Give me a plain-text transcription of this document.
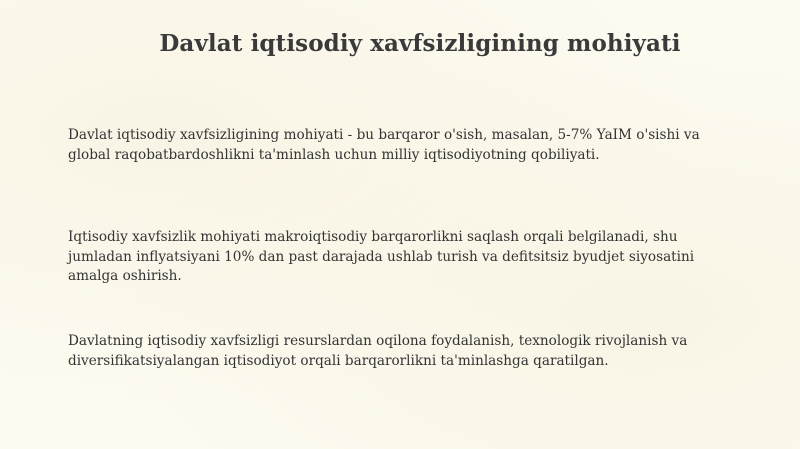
Davlat iqtisodiy xavfsizligining mohiyati
Davlat iqtisodiy xavfsizligining mohiyati - bu barqaror o'sish, masalan, 5-7% YaIM o'sishi va global raqobatbardoshlikni ta'minlash uchun milliy iqtisodiyotning qobiliyati.
Iqtisodiy xavfsizlik mohiyati makroiqtisodiy barqarorlikni saqlash orqali belgilanadi, shu jumladan inflyatsiyani 10% dan past darajada ushlab turish va defitsitsiz byudjet siyosatini amalga oshirish.
Davlatning iqtisodiy xavfsizligi resurslardan oqilona foydalanish, texnologik rivojlanish va diversifikatsiyalangan iqtisodiyot orqali barqarorlikni ta'minlashga qaratilgan.
